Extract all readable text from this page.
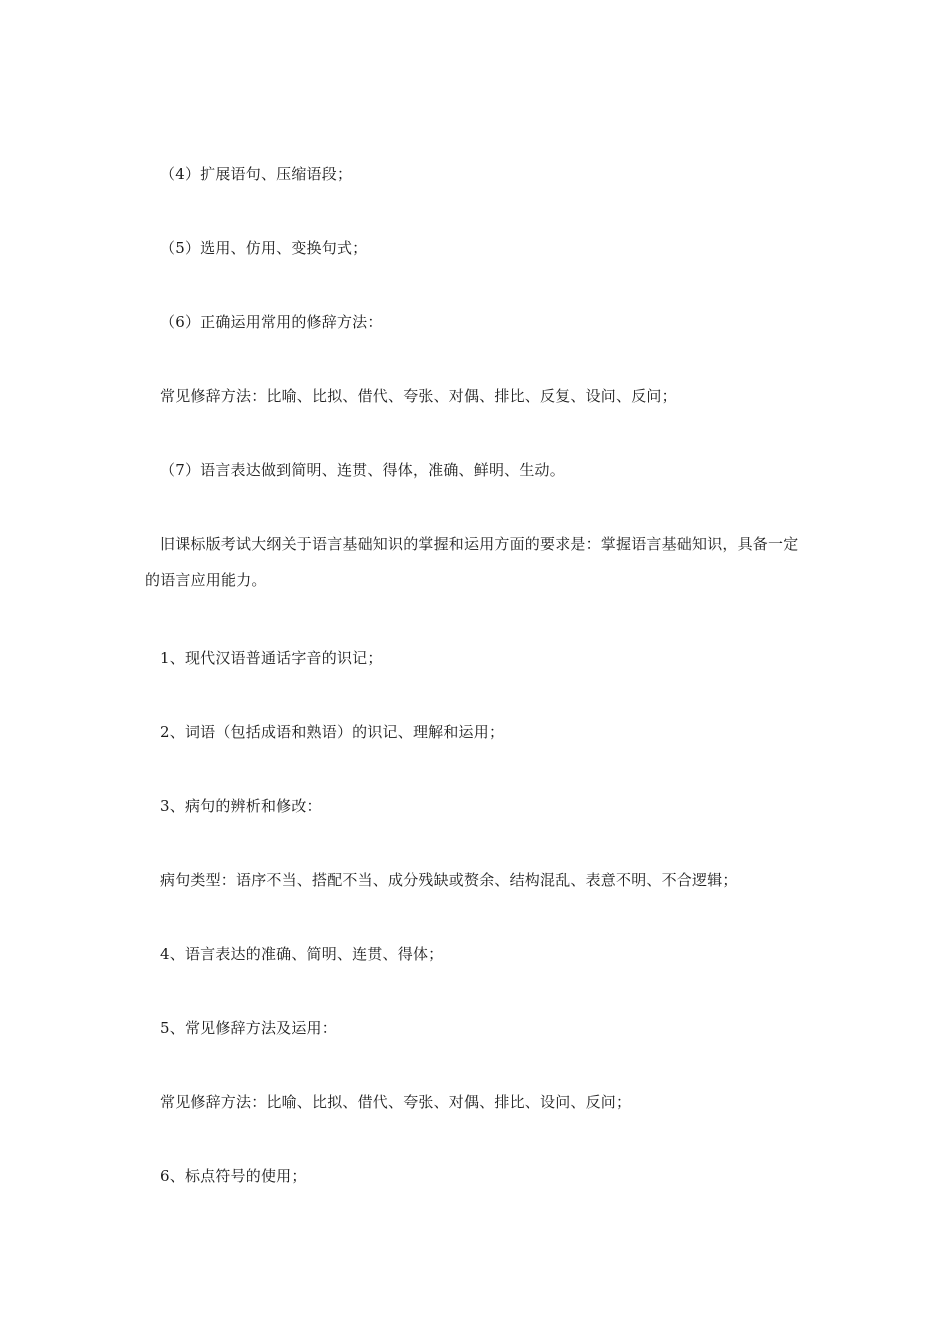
（4）扩展语句、压缩语段；
（5）选用、仿用、变换句式；
（6）正确运用常用的修辞方法：
常见修辞方法：比喻、比拟、借代、夸张、对偶、排比、反复、设问、反问；
（7）语言表达做到简明、连贯、得体，准确、鲜明、生动。
旧课标版考试大纲关于语言基础知识的掌握和运用方面的要求是：掌握语言基础知识，具备一定的语言应用能力。
1、现代汉语普通话字音的识记；
2、词语（包括成语和熟语）的识记、理解和运用；
3、病句的辨析和修改：
病句类型：语序不当、搭配不当、成分残缺或赘余、结构混乱、表意不明、不合逻辑；
4、语言表达的准确、简明、连贯、得体；
5、常见修辞方法及运用：
常见修辞方法：比喻、比拟、借代、夸张、对偶、排比、设问、反问；
6、标点符号的使用；
